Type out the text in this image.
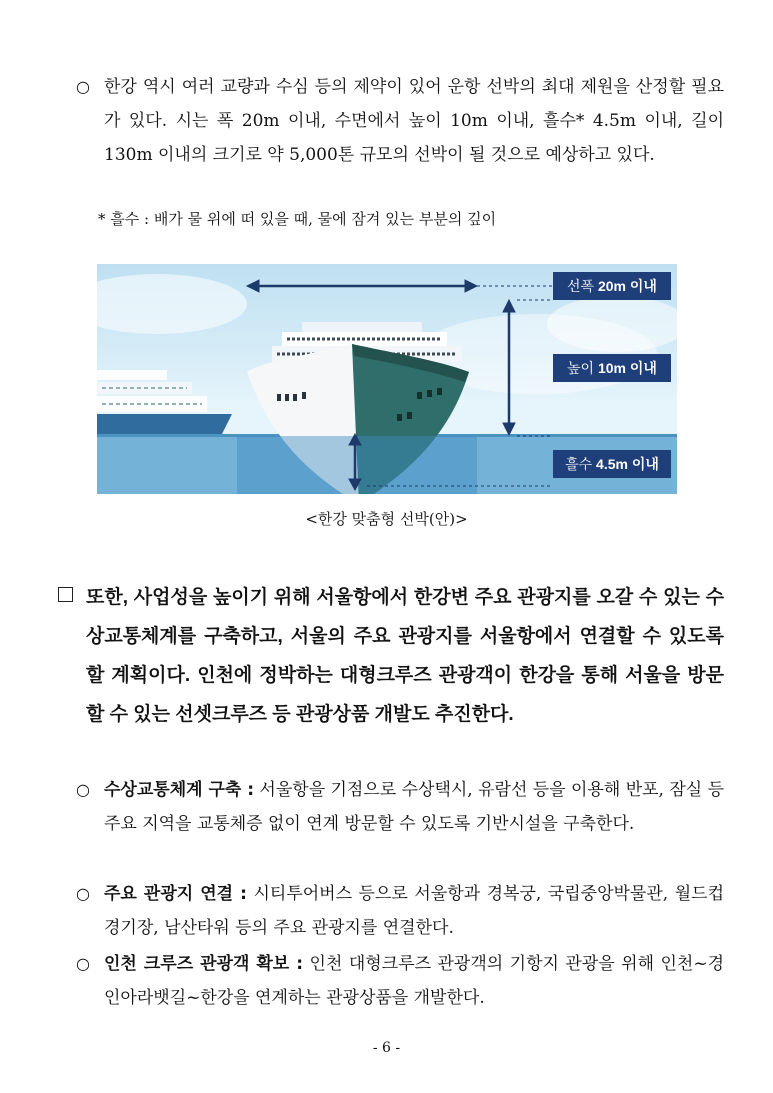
○ 한강 역시 여러 교량과 수심 등의 제약이 있어 운항 선박의 최대 제원을 산정할 필요가 있다. 시는 폭 20m 이내, 수면에서 높이 10m 이내, 흘수* 4.5m 이내, 길이 130m 이내의 크기로 약 5,000톤 규모의 선박이 될 것으로 예상하고 있다.
* 흘수 : 배가 물 위에 떠 있을 때, 물에 잠겨 있는 부분의 깊이
선폭 20m 이내
높이 10m 이내
흘수 4.5m 이내
<한강 맞춤형 선박(안)>
또한, 사업성을 높이기 위해 서울항에서 한강변 주요 관광지를 오갈 수 있는 수상교통체계를 구축하고, 서울의 주요 관광지를 서울항에서 연결할 수 있도록 할 계획이다. 인천에 정박하는 대형크루즈 관광객이 한강을 통해 서울을 방문할 수 있는 선셋크루즈 등 관광상품 개발도 추진한다.
○ 수상교통체계 구축 : 서울항을 기점으로 수상택시, 유람선 등을 이용해 반포, 잠실 등 주요 지역을 교통체증 없이 연계 방문할 수 있도록 기반시설을 구축한다.
○ 주요 관광지 연결 : 시티투어버스 등으로 서울항과 경복궁, 국립중앙박물관, 월드컵경기장, 남산타워 등의 주요 관광지를 연결한다.
○ 인천 크루즈 관광객 확보 : 인천 대형크루즈 관광객의 기항지 관광을 위해 인천~경인아라뱃길~한강을 연계하는 관광상품을 개발한다.
- 6 -
